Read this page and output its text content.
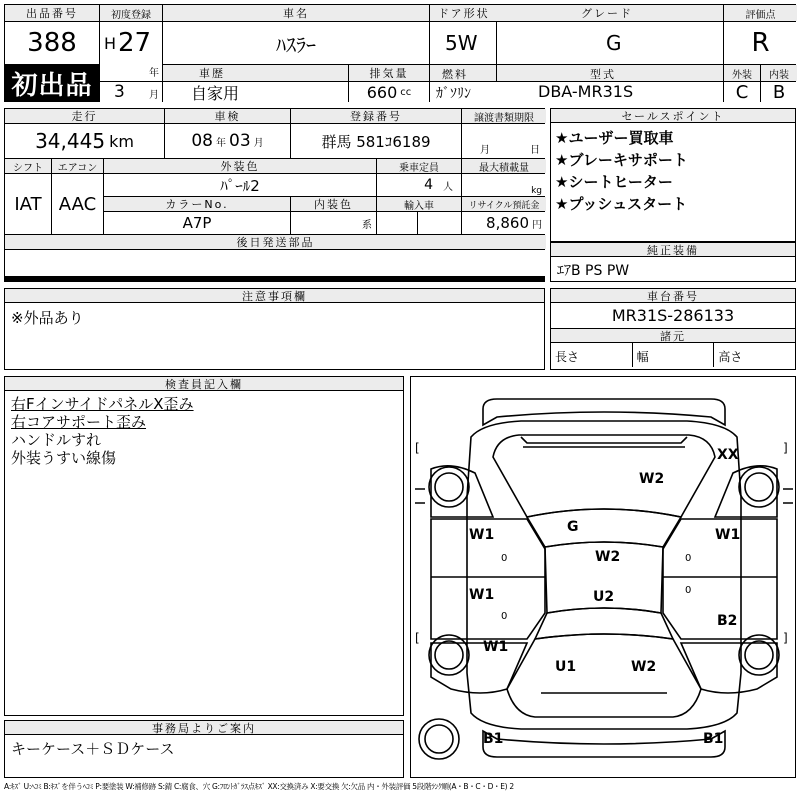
出品番号
388
初出品
初度登録
H 27
年
3 月
車名
ﾊｽﾗｰ
車歴
自家用
排気量
660 cc
ドア形状	グレード
5W	G
燃料	型式
ｶﾞｿﾘﾝ	DBA-MR31S
評価点
R
外装	内装
C	B
走行
34,445 km
車検
08 年 03 月
登録番号
群馬 581ｺ6189
譲渡書類期限
月	日
シフト	エアコン
IAT AAC
外装色
ﾊﾟｰﾙ2
乗車定員
4 人
最大積載量
kg
カラーNo.
A7P
内装色
系
輸入車	リサイクル預託金
8,860 円
後日発送部品
セールスポイント
★ユーザー買取車
★ブレーキサポート
★シートヒーター
★プッシュスタート
純正装備
ｴｱB PS PW
注意事項欄
※外品あり
車台番号
MR31S-286133
諸元
長さ	幅	高さ
検査員記入欄
右FインサイドパネルX歪み
右コアサポート歪み
ハンドルすれ
外装うすい線傷
事務局よりご案内
キーケース＋ＳＤケース
[	]
[	]
XX
W2
G
W1
0
W1
0
W2
W1
0
0
U2
B2
W1
U1	W2
B1	B1
A:ｷｽﾞ U:ﾍｺﾐ B:ｷｽﾞを伴うﾍｺﾐ P:要塗装 W:補修跡 S:錆 C:腐食、穴 G:ﾌﾛﾝﾄｶﾞﾗｽ点ｷｽﾞ XX:交換済み X:要交換 欠:欠品 内・外装評価 5段階ﾗﾝｸ順(A・B・C・D・E) 2
